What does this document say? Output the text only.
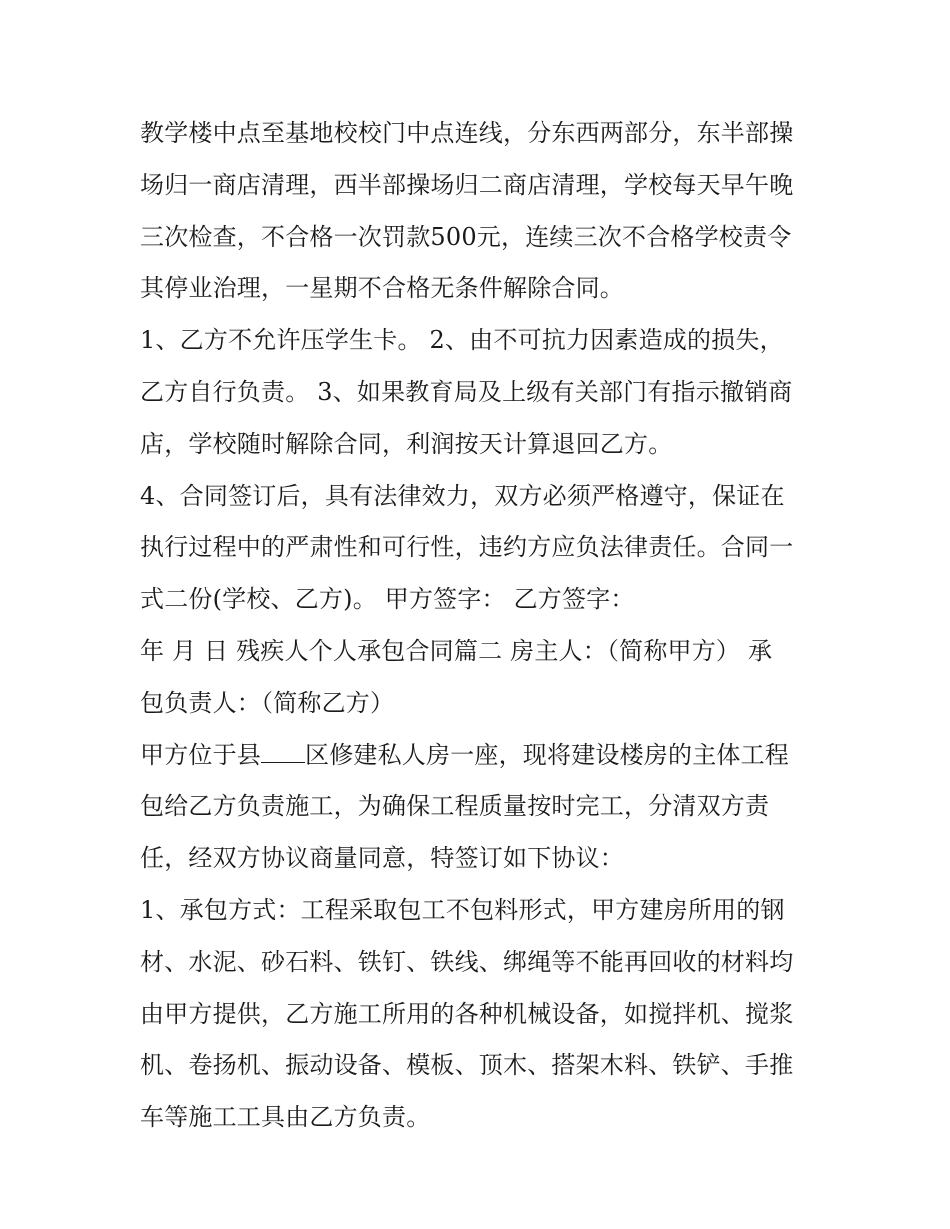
教学楼中点至基地校校门中点连线，分东西两部分，东半部操
场归一商店清理，西半部操场归二商店清理，学校每天早午晚
三次检查，不合格一次罚款500元，连续三次不合格学校责令
其停业治理，一星期不合格无条件解除合同。
1、乙方不允许压学生卡。 2、由不可抗力因素造成的损失，
乙方自行负责。 3、如果教育局及上级有关部门有指示撤销商
店，学校随时解除合同，利润按天计算退回乙方。
4、合同签订后，具有法律效力，双方必须严格遵守，保证在
执行过程中的严肃性和可行性，违约方应负法律责任。合同一
式二份(学校、乙方)。 甲方签字： 乙方签字：
年 月 日 残疾人个人承包合同篇二 房主人：（简称甲方） 承
包负责人：（简称乙方）
甲方位于县 区修建私人房一座，现将建设楼房的主体工程
包给乙方负责施工，为确保工程质量按时完工，分清双方责
任，经双方协议商量同意，特签订如下协议：
1、承包方式：工程采取包工不包料形式，甲方建房所用的钢
材、水泥、砂石料、铁钉、铁线、绑绳等不能再回收的材料均
由甲方提供，乙方施工所用的各种机械设备，如搅拌机、搅浆
机、卷扬机、振动设备、模板、顶木、搭架木料、铁铲、手推
车等施工工具由乙方负责。
